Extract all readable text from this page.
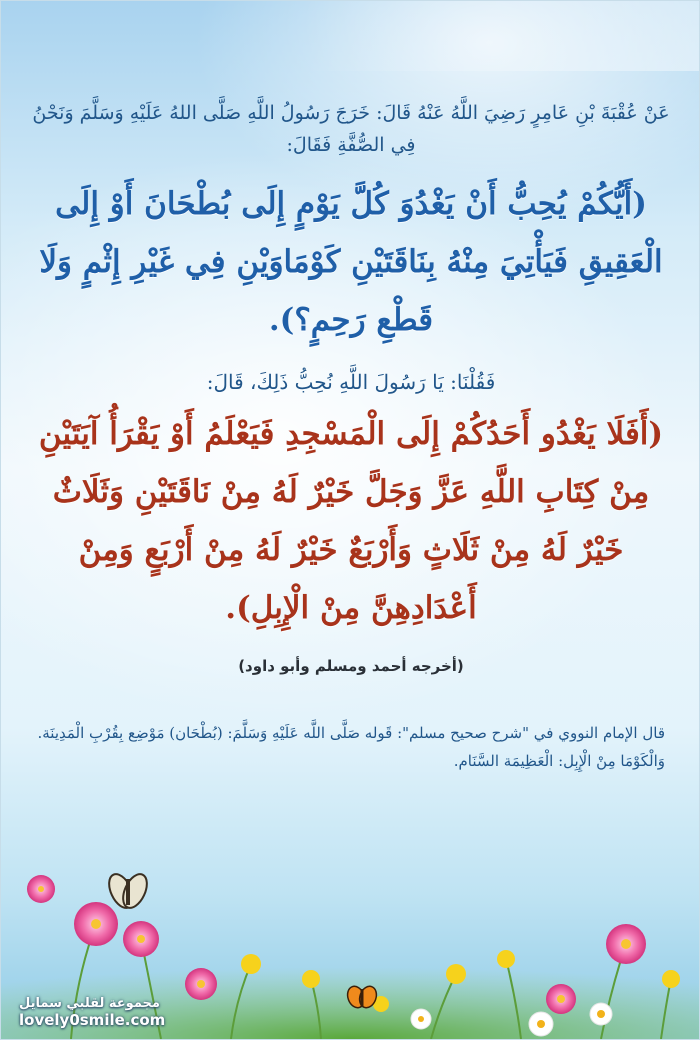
عَنْ عُقْبَةَ بْنِ عَامِرٍ رَضِيَ اللَّهُ عَنْهُ قَالَ: خَرَجَ رَسُولُ اللَّهِ صَلَّى اللهُ عَلَيْهِ وَسَلَّمَ وَنَحْنُ فِي الصُّفَّةِ فَقَالَ:

(أَيُّكُمْ يُحِبُّ أَنْ يَغْدُوَ كُلَّ يَوْمٍ إِلَى بُطْحَانَ أَوْ إِلَى الْعَقِيقِ فَيَأْتِيَ مِنْهُ بِنَاقَتَيْنِ كَوْمَاوَيْنِ فِي غَيْرِ إِثْمٍ وَلَا قَطْعِ رَحِمٍ؟).

فَقُلْنَا: يَا رَسُولَ اللَّهِ نُحِبُّ ذَلِكَ، قَالَ:

(أَفَلَا يَغْدُو أَحَدُكُمْ إِلَى الْمَسْجِدِ فَيَعْلَمُ أَوْ يَقْرَأُ آيَتَيْنِ مِنْ كِتَابِ اللَّهِ عَزَّ وَجَلَّ خَيْرٌ لَهُ مِنْ نَاقَتَيْنِ وَثَلَاثٌ خَيْرٌ لَهُ مِنْ ثَلَاثٍ وَأَرْبَعٌ خَيْرٌ لَهُ مِنْ أَرْبَعٍ وَمِنْ أَعْدَادِهِنَّ مِنْ الْإِبِلِ).

(أخرجه أحمد ومسلم وأبو داود)

قال الإمام النووي في "شرح صحيح مسلم": قَوله صَلَّى اللَّه عَلَيْهِ وَسَلَّمَ: (بُطْحَان) مَوْضِع بِقُرْبِ الْمَدِينَة. وَالْكَوْمَا مِنْ الْإِبِل: الْعَظِيمَة السَّنَام.

مجموعة لقلبي سمايل
lovely0smile.com
